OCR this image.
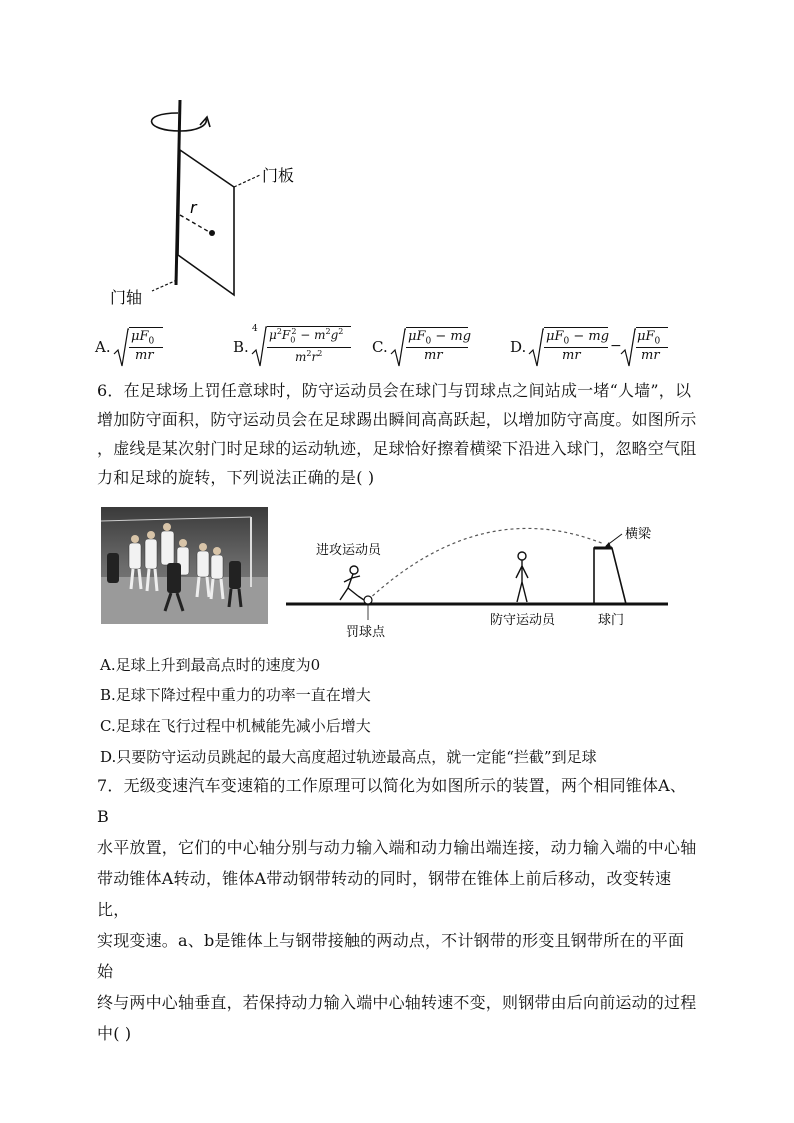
r
门板
门轴
A.
$\mu F_0$
mr	B.
4 $\mu^2F_0^2 - m^2g^2$
$m^2r^2$	C.
$\mu F_0$ − mg
mr	D.
$\mu F_0$ − mg
mr
−
$\mu F_0$
mr
6．在足球场上罚任意球时，防守运动员会在球门与罚球点之间站成一堵“人墙”，以
增加防守面积，防守运动员会在足球踢出瞬间高高跃起，以增加防守高度。如图所示
，虚线是某次射门时足球的运动轨迹，足球恰好擦着横梁下沿进入球门，忽略空气阻
力和足球的旋转，下列说法正确的是( )
横梁
进攻运动员
罚球点
防守运动员	球门
A.足球上升到最高点时的速度为0
B.足球下降过程中重力的功率一直在增大
C.足球在飞行过程中机械能先减小后增大
D.只要防守运动员跳起的最大高度超过轨迹最高点，就一定能“拦截”到足球
7．无级变速汽车变速箱的工作原理可以简化为如图所示的装置，两个相同锥体A、B
水平放置，它们的中心轴分别与动力输入端和动力输出端连接，动力输入端的中心轴
带动锥体A转动，锥体A带动钢带转动的同时，钢带在锥体上前后移动，改变转速比，
实现变速。a、b是锥体上与钢带接触的两动点，不计钢带的形变且钢带所在的平面始
终与两中心轴垂直，若保持动力输入端中心轴转速不变，则钢带由后向前运动的过程
中( )
